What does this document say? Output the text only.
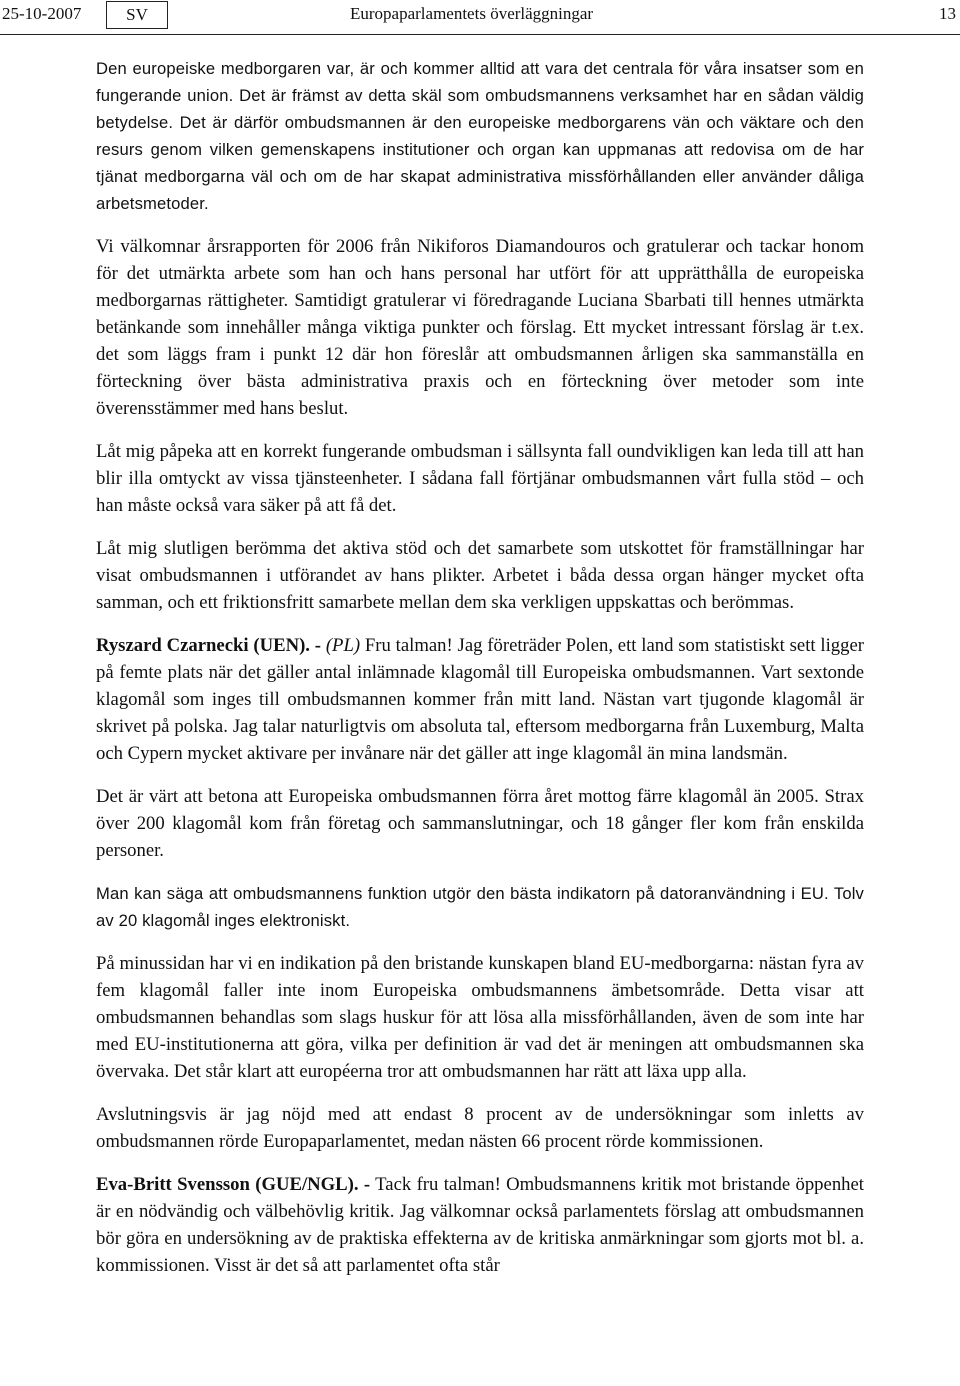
25-10-2007	SV	Europaparlamentets överläggningar	13

Den europeiske medborgaren var, är och kommer alltid att vara det centrala för våra insatser som en fungerande union. Det är främst av detta skäl som ombudsmannens verksamhet har en sådan väldig betydelse. Det är därför ombudsmannen är den europeiske medborgarens vän och väktare och den resurs genom vilken gemenskapens institutioner och organ kan uppmanas att redovisa om de har tjänat medborgarna väl och om de har skapat administrativa missförhållanden eller använder dåliga arbetsmetoder.

Vi välkomnar årsrapporten för 2006 från Nikiforos Diamandouros och gratulerar och tackar honom för det utmärkta arbete som han och hans personal har utfört för att upprätthålla de europeiska medborgarnas rättigheter. Samtidigt gratulerar vi föredragande Luciana Sbarbati till hennes utmärkta betänkande som innehåller många viktiga punkter och förslag. Ett mycket intressant förslag är t.ex. det som läggs fram i punkt 12 där hon föreslår att ombudsmannen årligen ska sammanställa en förteckning över bästa administrativa praxis och en förteckning över metoder som inte överensstämmer med hans beslut.

Låt mig påpeka att en korrekt fungerande ombudsman i sällsynta fall oundvikligen kan leda till att han blir illa omtyckt av vissa tjänsteenheter. I sådana fall förtjänar ombudsmannen vårt fulla stöd – och han måste också vara säker på att få det.

Låt mig slutligen berömma det aktiva stöd och det samarbete som utskottet för framställningar har visat ombudsmannen i utförandet av hans plikter. Arbetet i båda dessa organ hänger mycket ofta samman, och ett friktionsfritt samarbete mellan dem ska verkligen uppskattas och berömmas.

Ryszard Czarnecki (UEN). - (PL) Fru talman! Jag företräder Polen, ett land som statistiskt sett ligger på femte plats när det gäller antal inlämnade klagomål till Europeiska ombudsmannen. Vart sextonde klagomål som inges till ombudsmannen kommer från mitt land. Nästan vart tjugonde klagomål är skrivet på polska. Jag talar naturligtvis om absoluta tal, eftersom medborgarna från Luxemburg, Malta och Cypern mycket aktivare per invånare när det gäller att inge klagomål än mina landsmän.

Det är värt att betona att Europeiska ombudsmannen förra året mottog färre klagomål än 2005. Strax över 200 klagomål kom från företag och sammanslutningar, och 18 gånger fler kom från enskilda personer.

Man kan säga att ombudsmannens funktion utgör den bästa indikatorn på datoranvändning i EU. Tolv av 20 klagomål inges elektroniskt.

På minussidan har vi en indikation på den bristande kunskapen bland EU-medborgarna: nästan fyra av fem klagomål faller inte inom Europeiska ombudsmannens ämbetsområde. Detta visar att ombudsmannen behandlas som slags huskur för att lösa alla missförhållanden, även de som inte har med EU-institutionerna att göra, vilka per definition är vad det är meningen att ombudsmannen ska övervaka. Det står klart att européerna tror att ombudsmannen har rätt att läxa upp alla.

Avslutningsvis är jag nöjd med att endast 8 procent av de undersökningar som inletts av ombudsmannen rörde Europaparlamentet, medan nästen 66 procent rörde kommissionen.

Eva-Britt Svensson (GUE/NGL). - Tack fru talman! Ombudsmannens kritik mot bristande öppenhet är en nödvändig och välbehövlig kritik. Jag välkomnar också parlamentets förslag att ombudsmannen bör göra en undersökning av de praktiska effekterna av de kritiska anmärkningar som gjorts mot bl. a. kommissionen. Visst är det så att parlamentet ofta står
